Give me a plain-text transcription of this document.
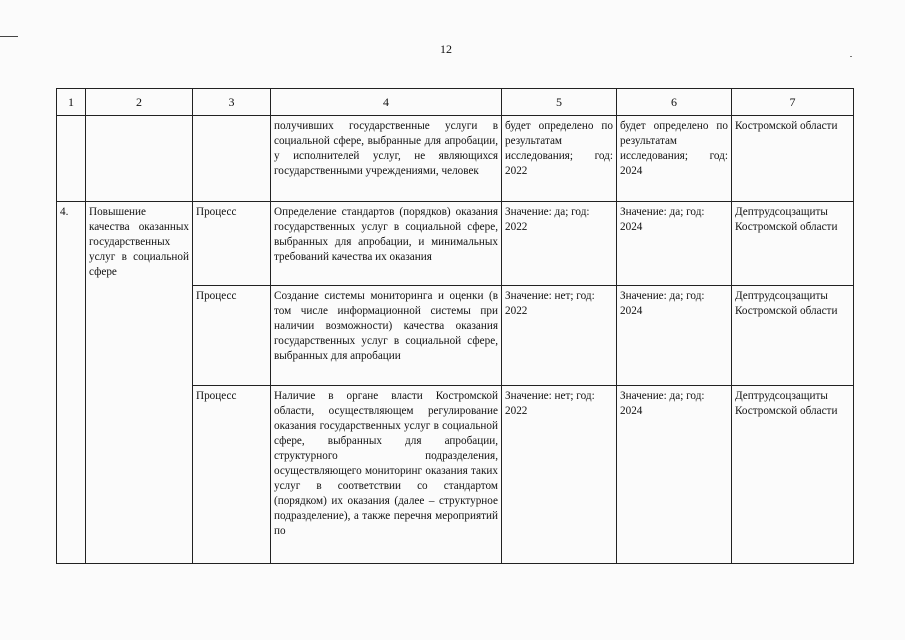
12
1	2	3	4	5	6	7
			получивших государственные услуги в социальной сфере, выбранные для апробации, у исполнителей услуг, не являющихся государственными учреждениями, человек	будет определено по результатам исследования; год: 2022	будет определено по результатам исследования; год: 2024	Костромской области
4.	Повышение качества оказанных государственных услуг в социальной сфере	Процесс	Определение стандартов (порядков) оказания государственных услуг в социальной сфере, выбранных для апробации, и минимальных требований качества их оказания	Значение: да; год: 2022	Значение: да; год: 2024	Дептрудсоцзащиты Костромской области
		Процесс	Создание системы мониторинга и оценки (в том числе информационной системы при наличии возможности) качества оказания государственных услуг в социальной сфере, выбранных для апробации	Значение: нет; год: 2022	Значение: да; год: 2024	Дептрудсоцзащиты Костромской области
		Процесс	Наличие в органе власти Костромской области, осуществляющем регулирование оказания государственных услуг в социальной сфере, выбранных для апробации, структурного подразделения, осуществляющего мониторинг оказания таких услуг в соответствии со стандартом (порядком) их оказания (далее – структурное подразделение), а также перечня мероприятий по	Значение: нет; год: 2022	Значение: да; год: 2024	Дептрудсоцзащиты Костромской области
